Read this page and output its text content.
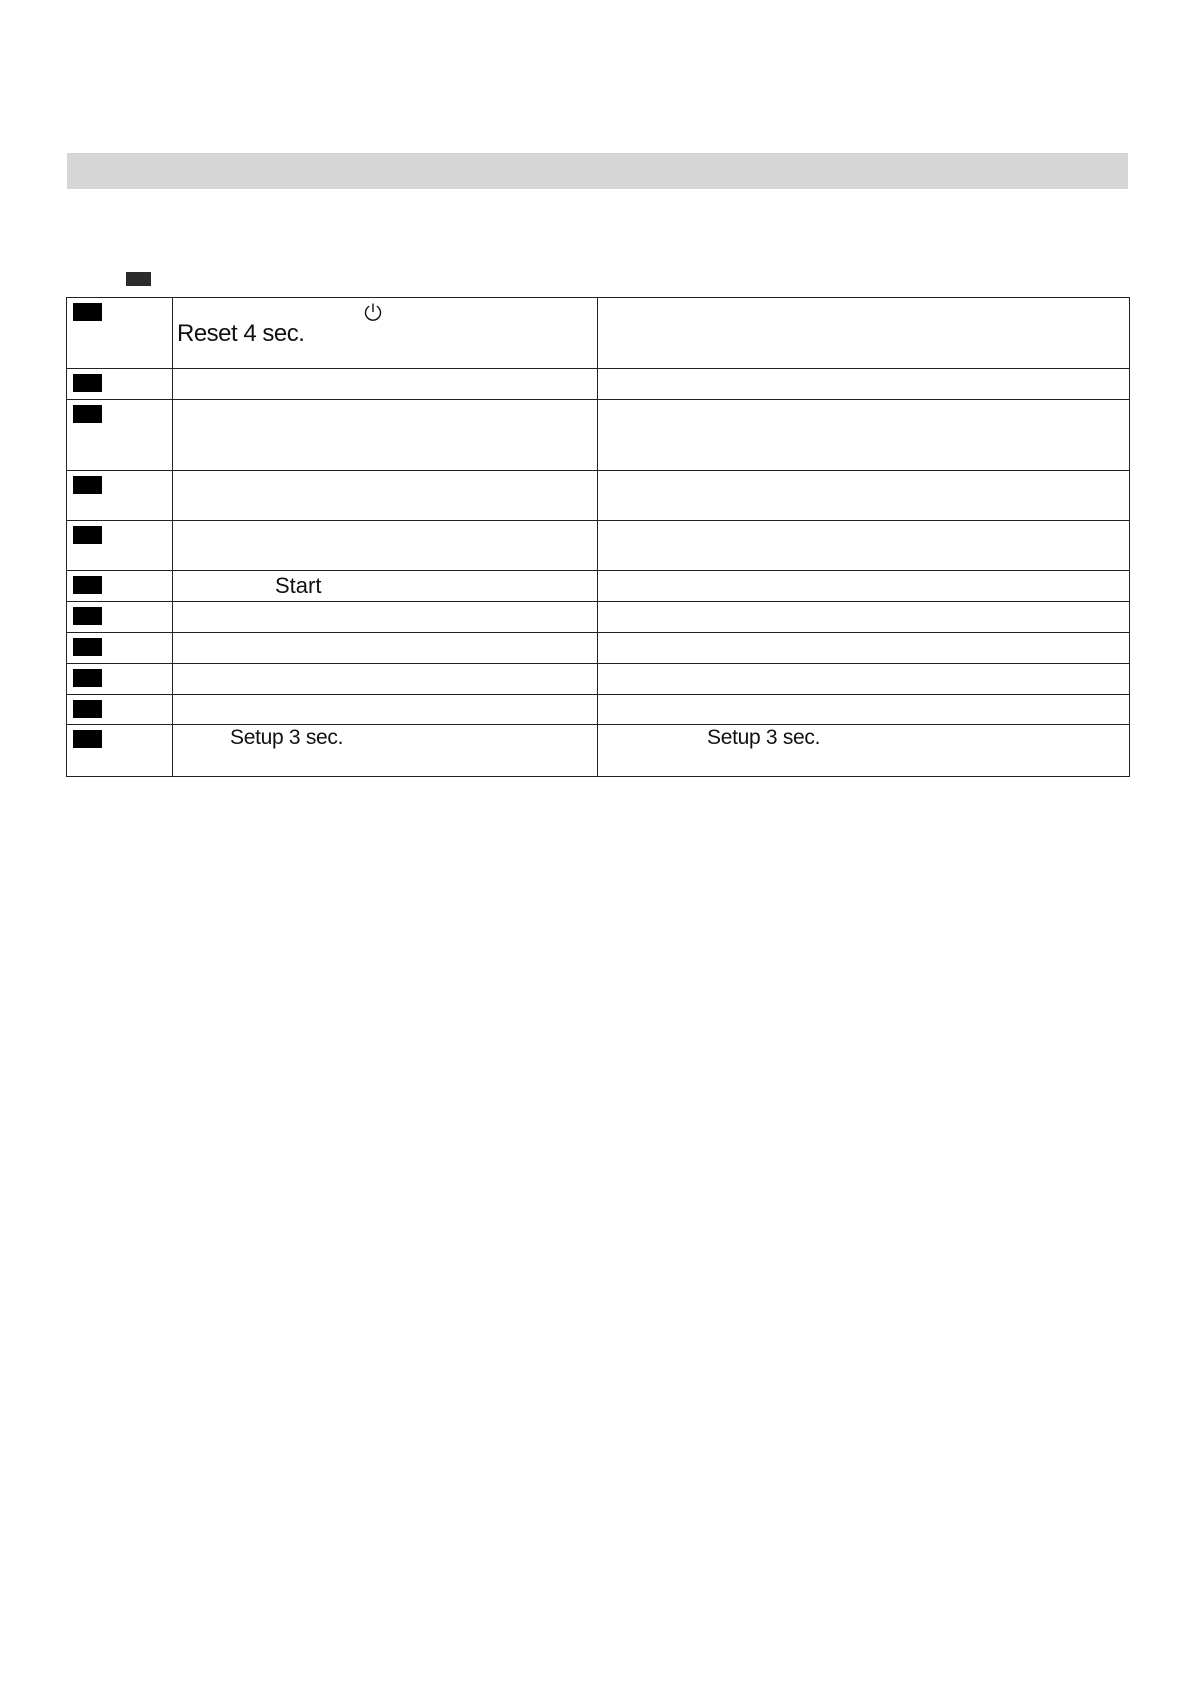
	Reset 4 sec.	

	Start	

	Setup 3 sec.	Setup 3 sec.
